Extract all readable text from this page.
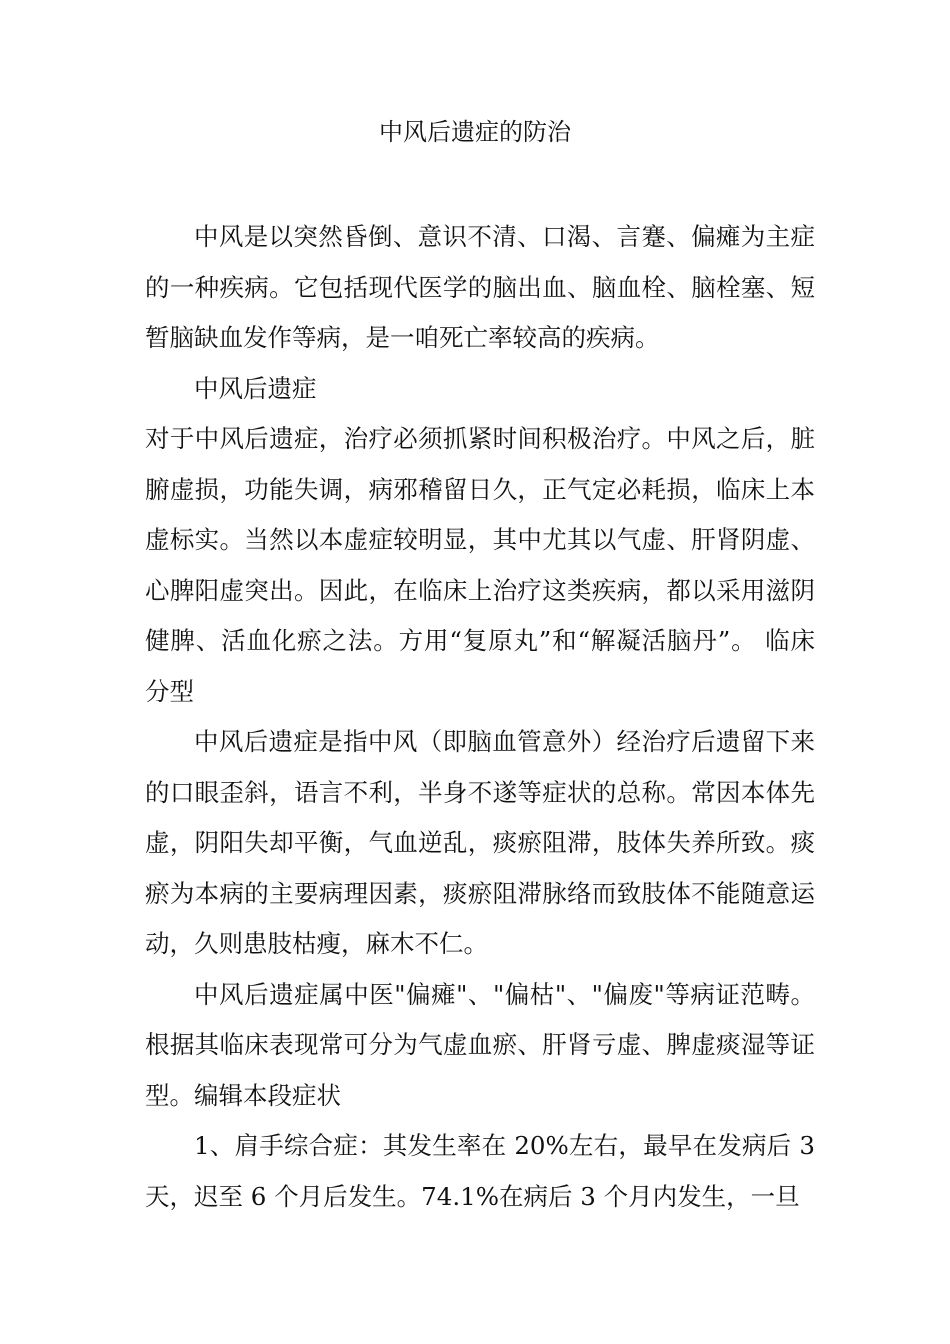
中风后遗症的防治

中风是以突然昏倒、意识不清、口渴、言蹇、偏瘫为主症的一种疾病。它包括现代医学的脑出血、脑血栓、脑栓塞、短暂脑缺血发作等病，是一咱死亡率较高的疾病。

中风后遗症

对于中风后遗症，治疗必须抓紧时间积极治疗。中风之后，脏腑虚损，功能失调，病邪稽留日久，正气定必耗损，临床上本虚标实。当然以本虚症较明显，其中尤其以气虚、肝肾阴虚、心脾阳虚突出。因此，在临床上治疗这类疾病，都以采用滋阴健脾、活血化瘀之法。方用“复原丸”和“解凝活脑丹”。 临床分型

中风后遗症是指中风（即脑血管意外）经治疗后遗留下来的口眼歪斜，语言不利，半身不遂等症状的总称。常因本体先虚，阴阳失却平衡，气血逆乱，痰瘀阻滞，肢体失养所致。痰瘀为本病的主要病理因素，痰瘀阻滞脉络而致肢体不能随意运动，久则患肢枯瘦，麻木不仁。

中风后遗症属中医"偏瘫"、"偏枯"、"偏废"等病证范畴。根据其临床表现常可分为气虚血瘀、肝肾亏虚、脾虚痰湿等证型。编辑本段症状

1、肩手综合症：其发生率在 20%左右，最早在发病后 3 天，迟至 6 个月后发生。74.1%在病后 3 个月内发生，一旦
